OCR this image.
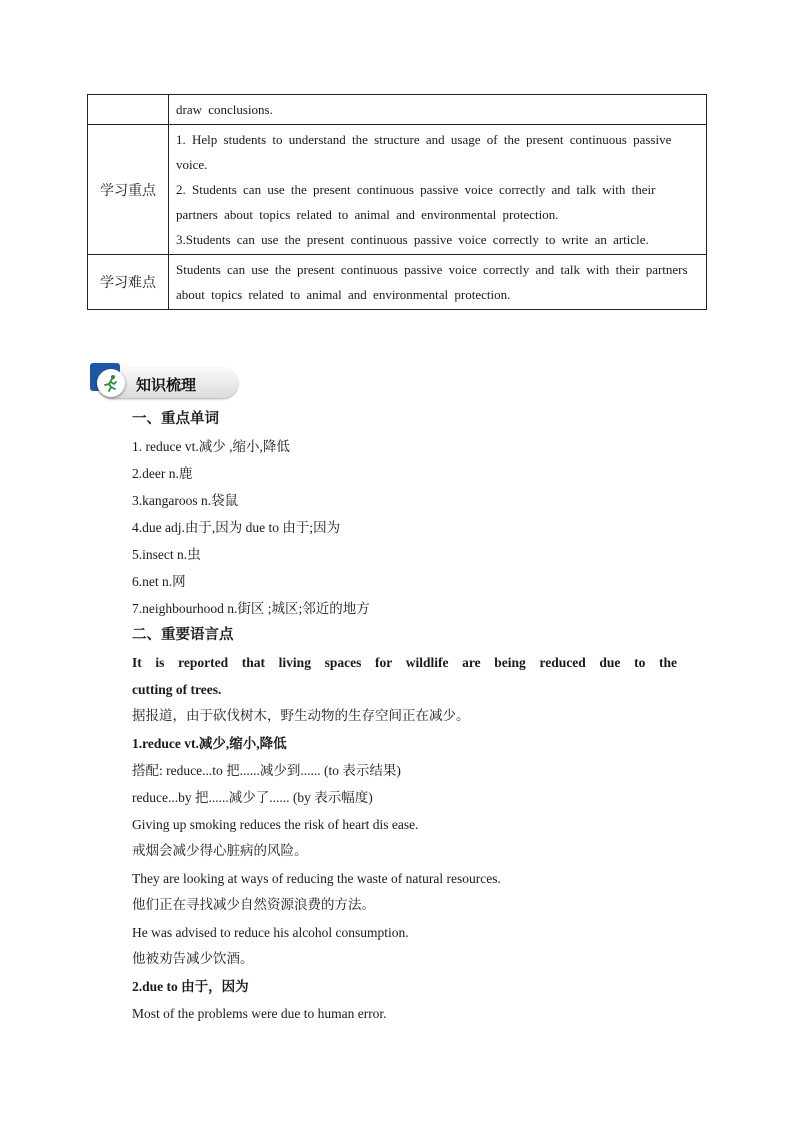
	draw conclusions.

学习重点	1. Help students to understand the structure and usage of the present continuous passive voice.

2. Students can use the present continuous passive voice correctly and talk with their partners about topics related to animal and environmental protection.

3.Students can use the present continuous passive voice correctly to write an article.

学习难点	Students can use the present continuous passive voice correctly and talk with their partners about topics related to animal and environmental protection.

知识梳理
一、重点单词
1. reduce vt.减少 ,缩小,降低
2.deer n.鹿
3.kangaroos n.袋鼠
4.due adj.由于,因为 due to 由于;因为
5.insect n.虫
6.net n.网
7.neighbourhood n.街区 ;城区;邻近的地方
二、重要语言点
It is reported that living spaces for wildlife are being reduced due to the
cutting of trees.
据报道，由于砍伐树木，野生动物的生存空间正在减少。
1.reduce vt.减少,缩小,降低
搭配: reduce...to 把......减少到...... (to 表示结果)
reduce...by 把......减少了...... (by 表示幅度)
Giving up smoking reduces the risk of heart dis ease.
戒烟会减少得心脏病的风险。
They are looking at ways of reducing the waste of natural resources.
他们正在寻找减少自然资源浪费的方法。
He was advised to reduce his alcohol consumption.
他被劝告减少饮酒。
2.due to 由于，因为
Most of the problems were due to human error.
